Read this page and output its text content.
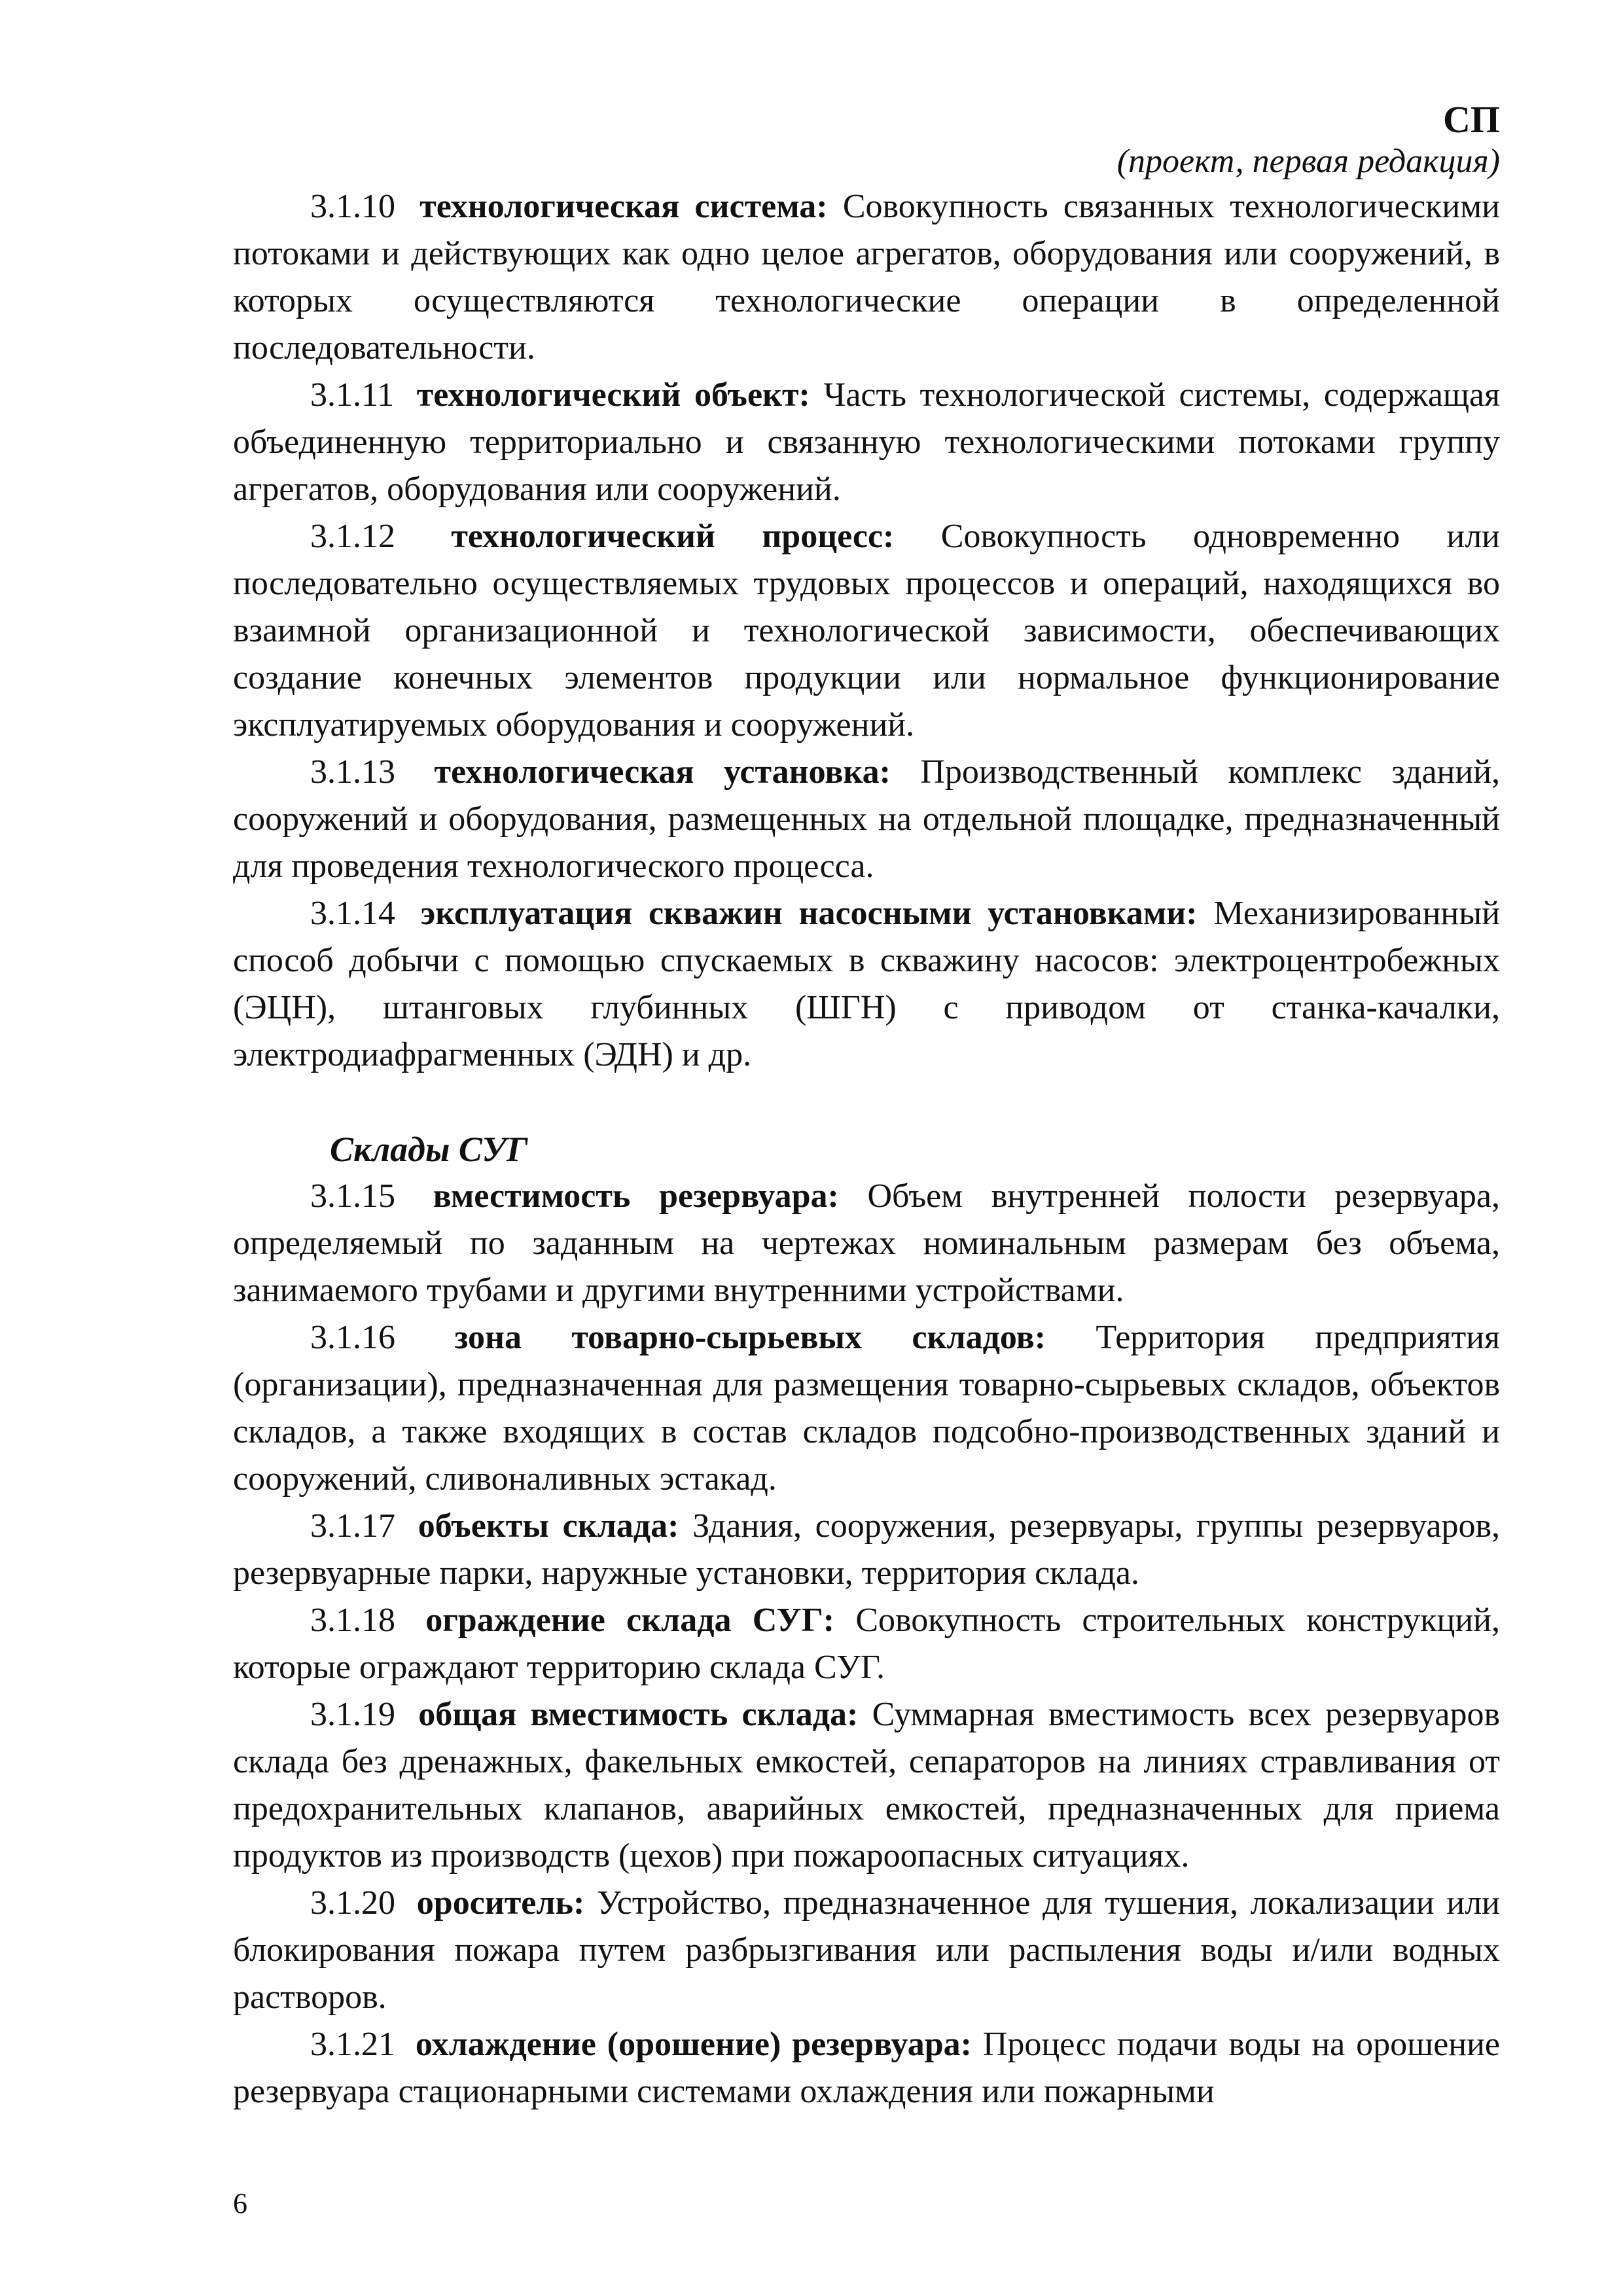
СП
(проект, первая редакция)

3.1.10 технологическая система: Совокупность связанных технологическими потоками и действующих как одно целое агрегатов, оборудования или сооружений, в которых осуществляются технологические операции в определенной последовательности.

3.1.11 технологический объект: Часть технологической системы, содержащая объединенную территориально и связанную технологическими потоками группу агрегатов, оборудования или сооружений.

3.1.12 технологический процесс: Совокупность одновременно или последовательно осуществляемых трудовых процессов и операций, находящихся во взаимной организационной и технологической зависимости, обеспечивающих создание конечных элементов продукции или нормальное функционирование эксплуатируемых оборудования и сооружений.

3.1.13 технологическая установка: Производственный комплекс зданий, сооружений и оборудования, размещенных на отдельной площадке, предназначенный для проведения технологического процесса.

3.1.14 эксплуатация скважин насосными установками: Механизированный способ добычи с помощью спускаемых в скважину насосов: электроцентробежных (ЭЦН), штанговых глубинных (ШГН) с приводом от станка-качалки, электродиафрагменных (ЭДН) и др.

Склады СУГ

3.1.15 вместимость резервуара: Объем внутренней полости резервуара, определяемый по заданным на чертежах номинальным размерам без объема, занимаемого трубами и другими внутренними устройствами.

3.1.16 зона товарно-сырьевых складов: Территория предприятия (организации), предназначенная для размещения товарно-сырьевых складов, объектов складов, а также входящих в состав складов подсобно-производственных зданий и сооружений, сливоналивных эстакад.

3.1.17 объекты склада: Здания, сооружения, резервуары, группы резервуаров, резервуарные парки, наружные установки, территория склада.

3.1.18 ограждение склада СУГ: Совокупность строительных конструкций, которые ограждают территорию склада СУГ.

3.1.19 общая вместимость склада: Суммарная вместимость всех резервуаров склада без дренажных, факельных емкостей, сепараторов на линиях стравливания от предохранительных клапанов, аварийных емкостей, предназначенных для приема продуктов из производств (цехов) при пожароопасных ситуациях.

3.1.20 ороситель: Устройство, предназначенное для тушения, локализации или блокирования пожара путем разбрызгивания или распыления воды и/или водных растворов.

3.1.21 охлаждение (орошение) резервуара: Процесс подачи воды на орошение резервуара стационарными системами охлаждения или пожарными

6
